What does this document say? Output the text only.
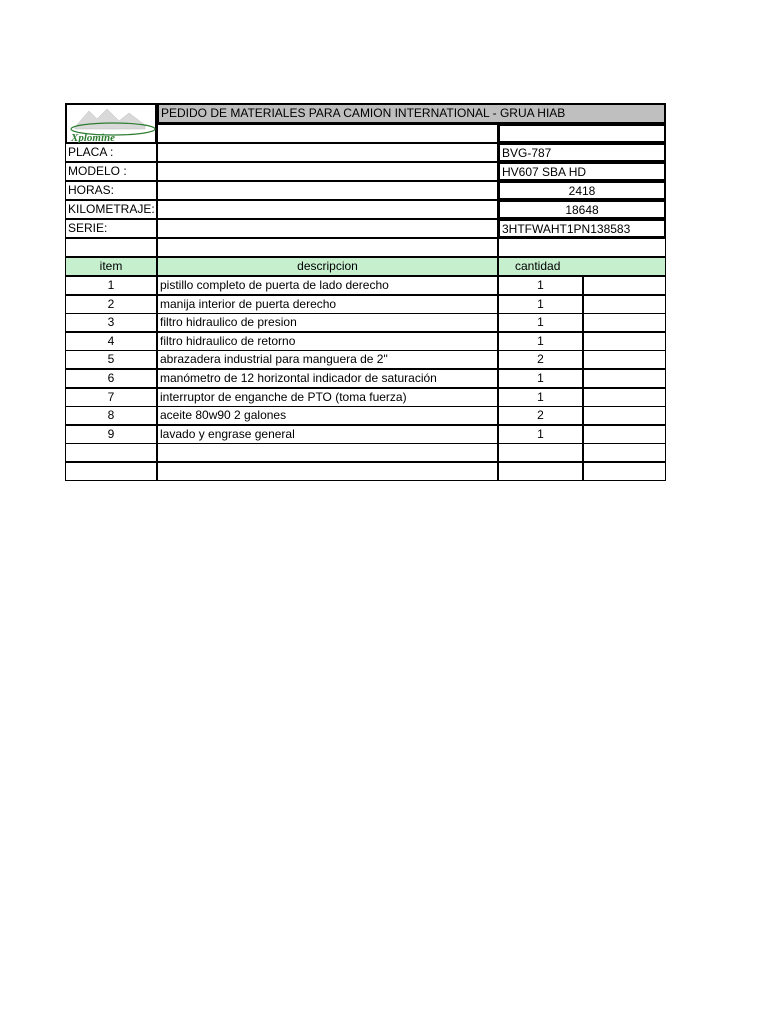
Xplomine
PEDIDO DE MATERIALES PARA CAMION INTERNATIONAL - GRUA HIAB
PLACA :	BVG-787
MODELO :	HV607 SBA HD
HORAS:	2418
KILOMETRAJE:	18648
SERIE:	3HTFWAHT1PN138583
item	descripcion	cantidad
1	pistillo completo de puerta de lado derecho	1
2	manija interior de puerta derecho	1
3	filtro hidraulico de presion	1
4	filtro hidraulico de retorno	1
5	abrazadera industrial para manguera de 2"	2
6	manómetro de 12 horizontal indicador de saturación	1
7	interruptor de enganche de PTO (toma fuerza)	1
8	aceite 80w90 2 galones	2
9	lavado y engrase general	1
